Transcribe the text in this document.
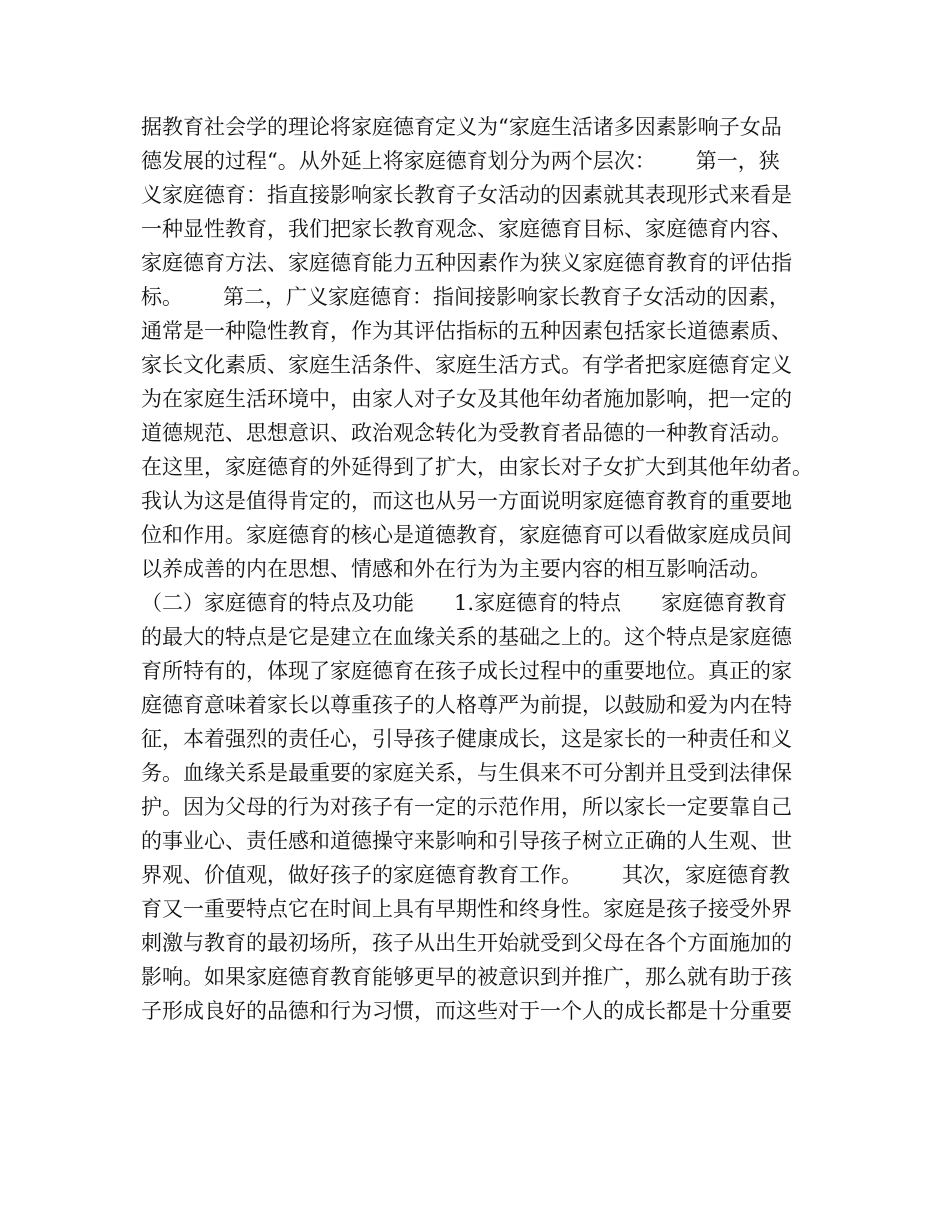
据教育社会学的理论将家庭德育定义为“家庭生活诸多因素影响子女品
德发展的过程“。从外延上将家庭德育划分为两个层次：      第一，狭
义家庭德育：指直接影响家长教育子女活动的因素就其表现形式来看是
一种显性教育，我们把家长教育观念、家庭德育目标、家庭德育内容、
家庭德育方法、家庭德育能力五种因素作为狭义家庭德育教育的评估指
标。      第二，广义家庭德育：指间接影响家长教育子女活动的因素，
通常是一种隐性教育，作为其评估指标的五种因素包括家长道德素质、
家长文化素质、家庭生活条件、家庭生活方式。有学者把家庭德育定义
为在家庭生活环境中，由家人对子女及其他年幼者施加影响，把一定的
道德规范、思想意识、政治观念转化为受教育者品德的一种教育活动。
在这里，家庭德育的外延得到了扩大，由家长对子女扩大到其他年幼者。
我认为这是值得肯定的，而这也从另一方面说明家庭德育教育的重要地
位和作用。家庭德育的核心是道德教育，家庭德育可以看做家庭成员间
以养成善的内在思想、情感和外在行为为主要内容的相互影响活动。
（二）家庭德育的特点及功能      1.家庭德育的特点      家庭德育教育
的最大的特点是它是建立在血缘关系的基础之上的。这个特点是家庭德
育所特有的，体现了家庭德育在孩子成长过程中的重要地位。真正的家
庭德育意味着家长以尊重孩子的人格尊严为前提，以鼓励和爱为内在特
征，本着强烈的责任心，引导孩子健康成长，这是家长的一种责任和义
务。血缘关系是最重要的家庭关系，与生俱来不可分割并且受到法律保
护。因为父母的行为对孩子有一定的示范作用，所以家长一定要靠自己
的事业心、责任感和道德操守来影响和引导孩子树立正确的人生观、世
界观、价值观，做好孩子的家庭德育教育工作。      其次，家庭德育教
育又一重要特点它在时间上具有早期性和终身性。家庭是孩子接受外界
刺激与教育的最初场所，孩子从出生开始就受到父母在各个方面施加的
影响。如果家庭德育教育能够更早的被意识到并推广，那么就有助于孩
子形成良好的品德和行为习惯，而这些对于一个人的成长都是十分重要
